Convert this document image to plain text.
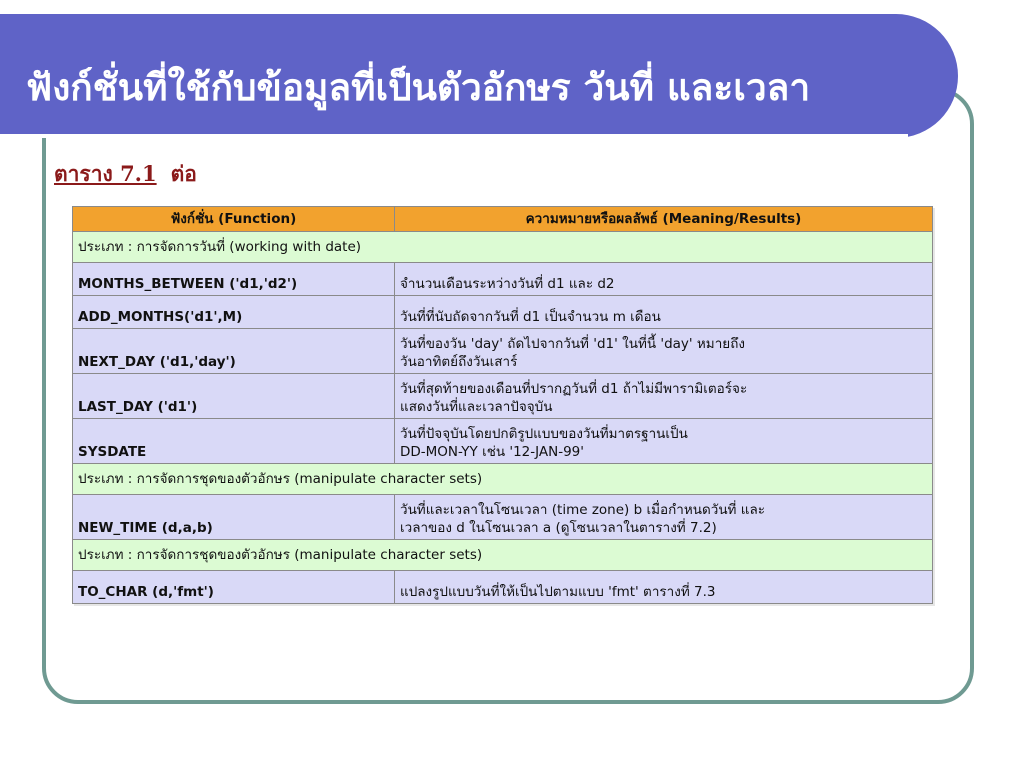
ฟังก์ชั่นที่ใช้กับข้อมูลที่เป็นตัวอักษร วันที่ และเวลา
ตาราง 7.1 ต่อ
ฟังก์ชั่น (Function)	ความหมายหรือผลลัพธ์ (Meaning/Results)
ประเภท : การจัดการวันที่ (working with date)	
MONTHS_BETWEEN ('d1,'d2')	จำนวนเดือนระหว่างวันที่ d1 และ d2
ADD_MONTHS('d1',M)	วันที่ที่นับถัดจากวันที่ d1 เป็นจำนวน m เดือน
NEXT_DAY ('d1,'day')	วันที่ของวัน 'day' ถัดไปจากวันที่ 'd1' ในที่นี้ 'day' หมายถึง
วันอาทิตย์ถึงวันเสาร์

LAST_DAY ('d1')	วันที่สุดท้ายของเดือนที่ปรากฏวันที่ d1 ถ้าไม่มีพารามิเตอร์จะ
แสดงวันที่และเวลาปัจจุบัน

SYSDATE	วันที่ปัจจุบันโดยปกติรูปแบบของวันที่มาตรฐานเป็น
DD-MON-YY เช่น '12-JAN-99'

ประเภท : การจัดการชุดของตัวอักษร (manipulate character sets)	
NEW_TIME (d,a,b)	วันที่และเวลาในโซนเวลา (time zone) b เมื่อกำหนดวันที่ และ
เวลาของ d ในโซนเวลา a (ดูโซนเวลาในตารางที่ 7.2)

ประเภท : การจัดการชุดของตัวอักษร (manipulate character sets)	
TO_CHAR (d,'fmt')	แปลงรูปแบบวันที่ให้เป็นไปตามแบบ 'fmt' ตารางที่ 7.3
